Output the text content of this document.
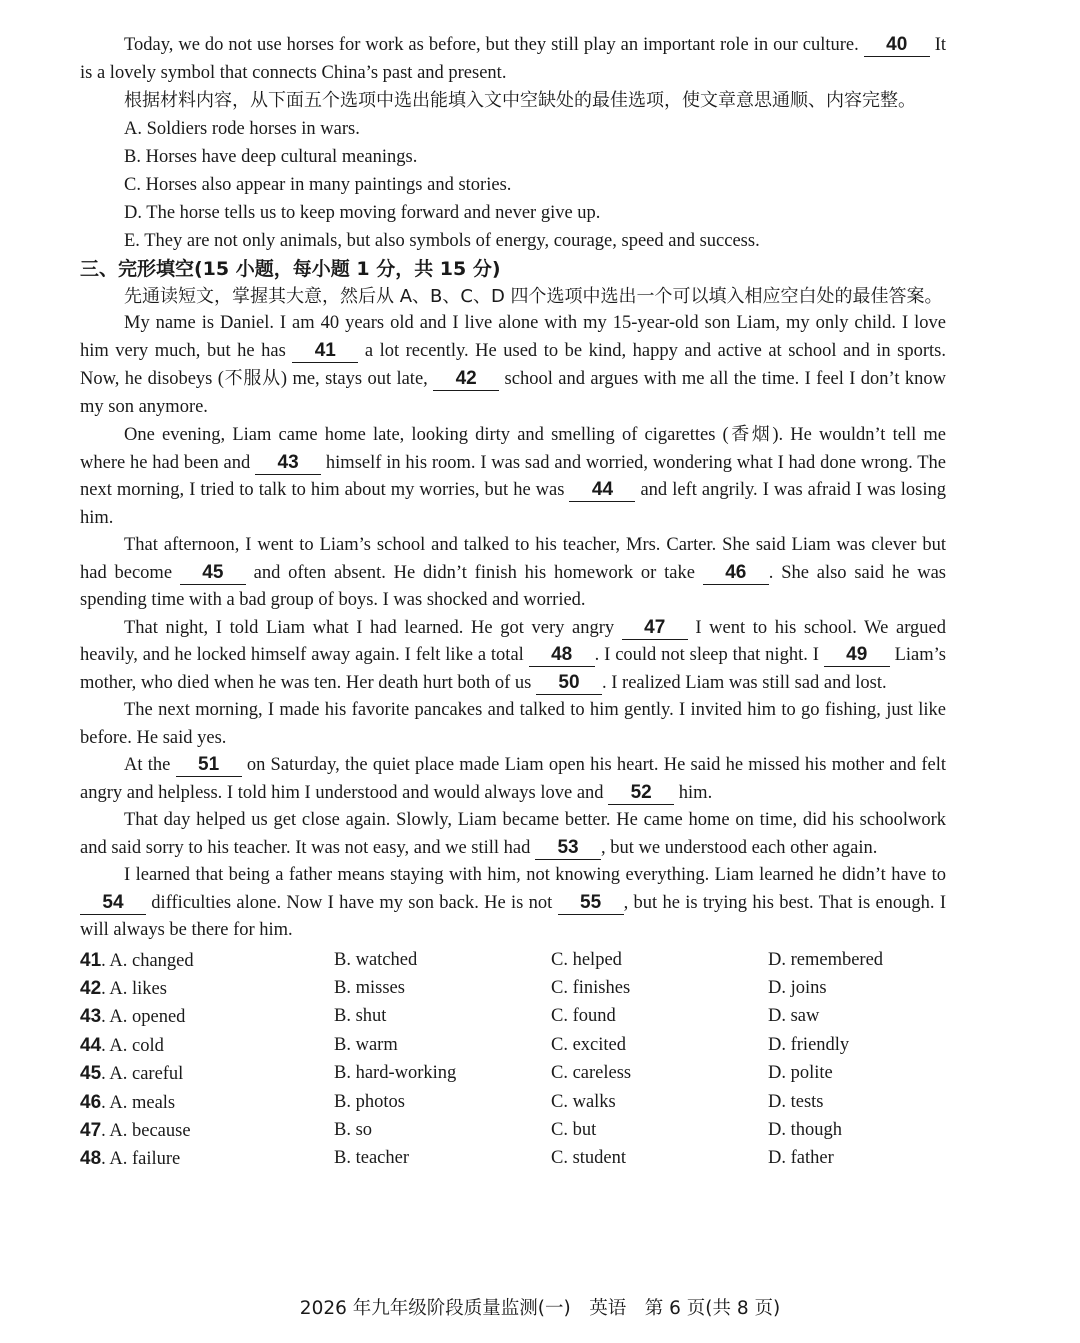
Today, we do not use horses for work as before, but they still play an important role in our culture. 40 It is a lovely symbol that connects China’s past and present.

根据材料内容，从下面五个选项中选出能填入文中空缺处的最佳选项，使文章意思通顺、内容完整。

A. Soldiers rode horses in wars.

B. Horses have deep cultural meanings.

C. Horses also appear in many paintings and stories.

D. The horse tells us to keep moving forward and never give up.

E. They are not only animals, but also symbols of energy, courage, speed and success.

三、完形填空(15 小题，每小题 1 分，共 15 分)

先通读短文，掌握其大意，然后从 A、B、C、D 四个选项中选出一个可以填入相应空白处的最佳答案。

My name is Daniel. I am 40 years old and I live alone with my 15-year-old son Liam, my only child. I love him very much, but he has 41 a lot recently. He used to be kind, happy and active at school and in sports. Now, he disobeys (不服从) me, stays out late, 42 school and argues with me all the time. I feel I don’t know my son anymore.

One evening, Liam came home late, looking dirty and smelling of cigarettes (香烟). He wouldn’t tell me where he had been and 43 himself in his room. I was sad and worried, wondering what I had done wrong. The next morning, I tried to talk to him about my worries, but he was 44 and left angrily. I was afraid I was losing him.

That afternoon, I went to Liam’s school and talked to his teacher, Mrs. Carter. She said Liam was clever but had become 45 and often absent. He didn’t finish his homework or take 46 . She also said he was spending time with a bad group of boys. I was shocked and worried.

That night, I told Liam what I had learned. He got very angry 47 I went to his school. We argued heavily, and he locked himself away again. I felt like a total 48 . I could not sleep that night. I 49 Liam’s mother, who died when he was ten. Her death hurt both of us 50 . I realized Liam was still sad and lost.

The next morning, I made his favorite pancakes and talked to him gently. I invited him to go fishing, just like before. He said yes.

At the 51 on Saturday, the quiet place made Liam open his heart. He said he missed his mother and felt angry and helpless. I told him I understood and would always love and 52 him.

That day helped us get close again. Slowly, Liam became better. He came home on time, did his schoolwork and said sorry to his teacher. It was not easy, and we still had 53 , but we understood each other again.

I learned that being a father means staying with him, not knowing everything. Liam learned he didn’t have to 54 difficulties alone. Now I have my son back. He is not 55 , but he is trying his best. That is enough. I will always be there for him.

41. A. changed	B. watched	C. helped	D. remembered
42. A. likes	B. misses	C. finishes	D. joins
43. A. opened	B. shut	C. found	D. saw
44. A. cold	B. warm	C. excited	D. friendly
45. A. careful	B. hard-working	C. careless	D. polite
46. A. meals	B. photos	C. walks	D. tests
47. A. because	B. so	C. but	D. though
48. A. failure	B. teacher	C. student	D. father
2026 年九年级阶段质量监测(一)　英语　第 6 页(共 8 页)
